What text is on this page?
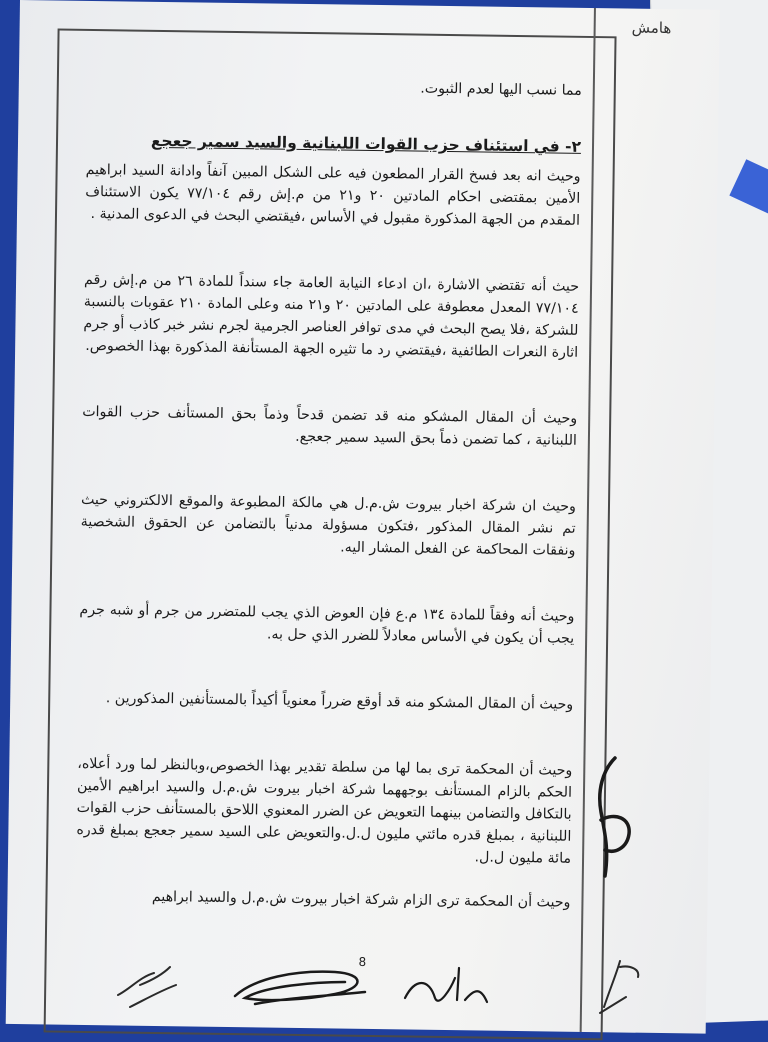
هامش

مما نسب اليها لعدم الثبوت.

٢- في استئناف حزب القوات اللبنانية والسيد سمير جعجع

وحيث انه بعد فسخ القرار المطعون فيه على الشكل المبين آنفاً وادانة السيد ابراهيم الأمين بمقتضى احكام المادتين ٢٠ و٢١ من م.إش رقم ٧٧/١٠٤ يكون الاستئناف المقدم من الجهة المذكورة مقبول في الأساس ،فيقتضي البحث في الدعوى المدنية .

حيث أنه تقتضي الاشارة ،ان ادعاء النيابة العامة جاء سنداً للمادة ٢٦ من م.إش رقم ٧٧/١٠٤ المعدل معطوفة على المادتين ٢٠ و٢١ منه وعلى المادة ٢١٠ عقوبات بالنسبة للشركة ،فلا يصح البحث في مدى توافر العناصر الجرمية لجرم نشر خبر كاذب أو جرم اثارة النعرات الطائفية ،فيقتضي رد ما تثيره الجهة المستأنفة المذكورة بهذا الخصوص.

وحيث أن المقال المشكو منه قد تضمن قدحاً وذماً بحق المستأنف حزب القوات اللبنانية ، كما تضمن ذماً بحق السيد سمير جعجع.

وحيث ان شركة اخبار بيروت ش.م.ل هي مالكة المطبوعة والموقع الالكتروني حيث تم نشر المقال المذكور ،فتكون مسؤولة مدنياً بالتضامن عن الحقوق الشخصية ونفقات المحاكمة عن الفعل المشار اليه.

وحيث أنه وفقاً للمادة ١٣٤ م.ع فإن العوض الذي يجب للمتضرر من جرم أو شبه جرم يجب أن يكون في الأساس معادلاً للضرر الذي حل به.

وحيث أن المقال المشكو منه قد أوقع ضرراً معنوياً أكيداً بالمستأنفين المذكورين .

وحيث أن المحكمة ترى بما لها من سلطة تقدير بهذا الخصوص،وبالنظر لما ورد أعلاه، الحكم بالزام المستأنف بوجههما شركة اخبار بيروت ش.م.ل والسيد ابراهيم الأمين بالتكافل والتضامن بينهما التعويض عن الضرر المعنوي اللاحق بالمستأنف حزب القوات اللبنانية ، بمبلغ قدره مائتي مليون ل.ل.والتعويض على السيد سمير جعجع بمبلغ قدره مائة مليون ل.ل.

وحيث أن المحكمة ترى الزام شركة اخبار بيروت ش.م.ل والسيد ابراهيم

8
